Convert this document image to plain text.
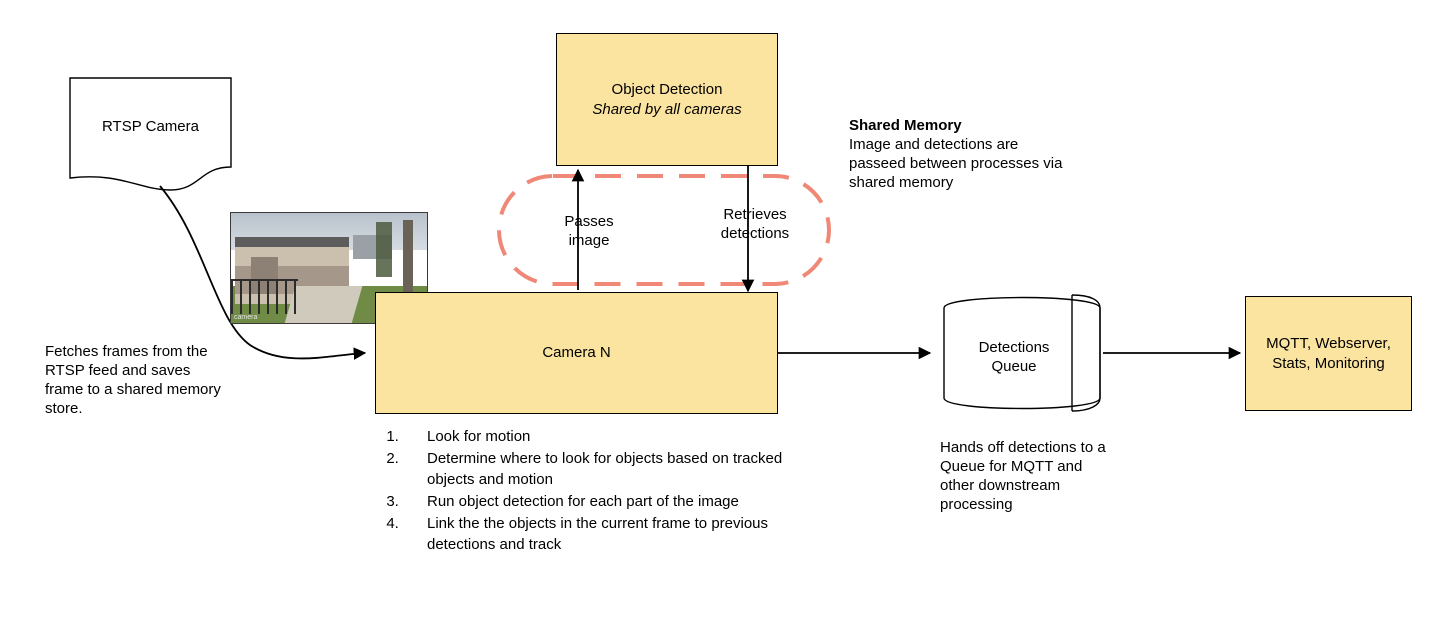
RTSP Camera
Object Detection
Shared by all cameras
camera
Camera N	Detections
Queue
MQTT, Webserver,
Stats, Monitoring
Passes
image
Retrieves
detections
Shared Memory
Image and detections are passeed between processes via shared memory
Fetches frames from the RTSP feed and saves frame to a shared memory store.
Hands off detections to a Queue for MQTT and other downstream processing
1. Look for motion
2. Determine where to look for objects based on tracked objects and motion
3. Run object detection for each part of the image
4. Link the the objects in the current frame to previous detections and track
